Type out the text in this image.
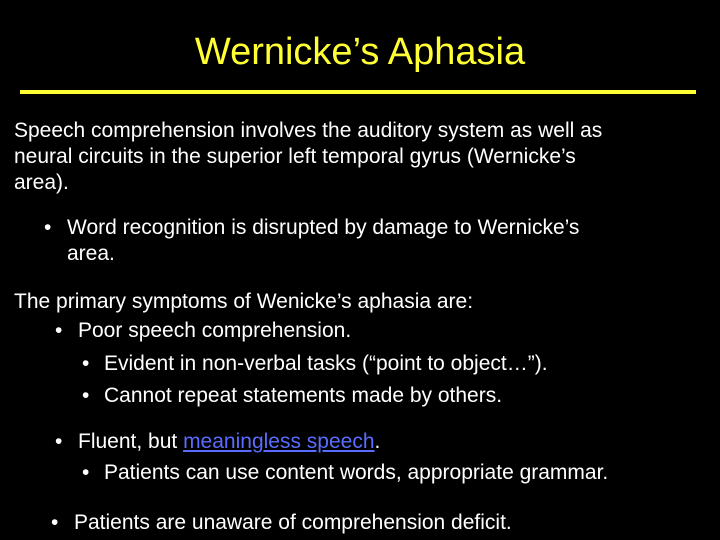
Wernicke’s Aphasia
Speech comprehension involves the auditory system as well as
neural circuits in the superior left temporal gyrus (Wernicke’s
area).
• Word recognition is disrupted by damage to Wernicke’s
area.
The primary symptoms of Wenicke’s aphasia are:
• Poor speech comprehension.
• Evident in non-verbal tasks (“point to object…”).
• Cannot repeat statements made by others.
• Fluent, but meaningless speech.
• Patients can use content words, appropriate grammar.
• Patients are unaware of comprehension deficit.
